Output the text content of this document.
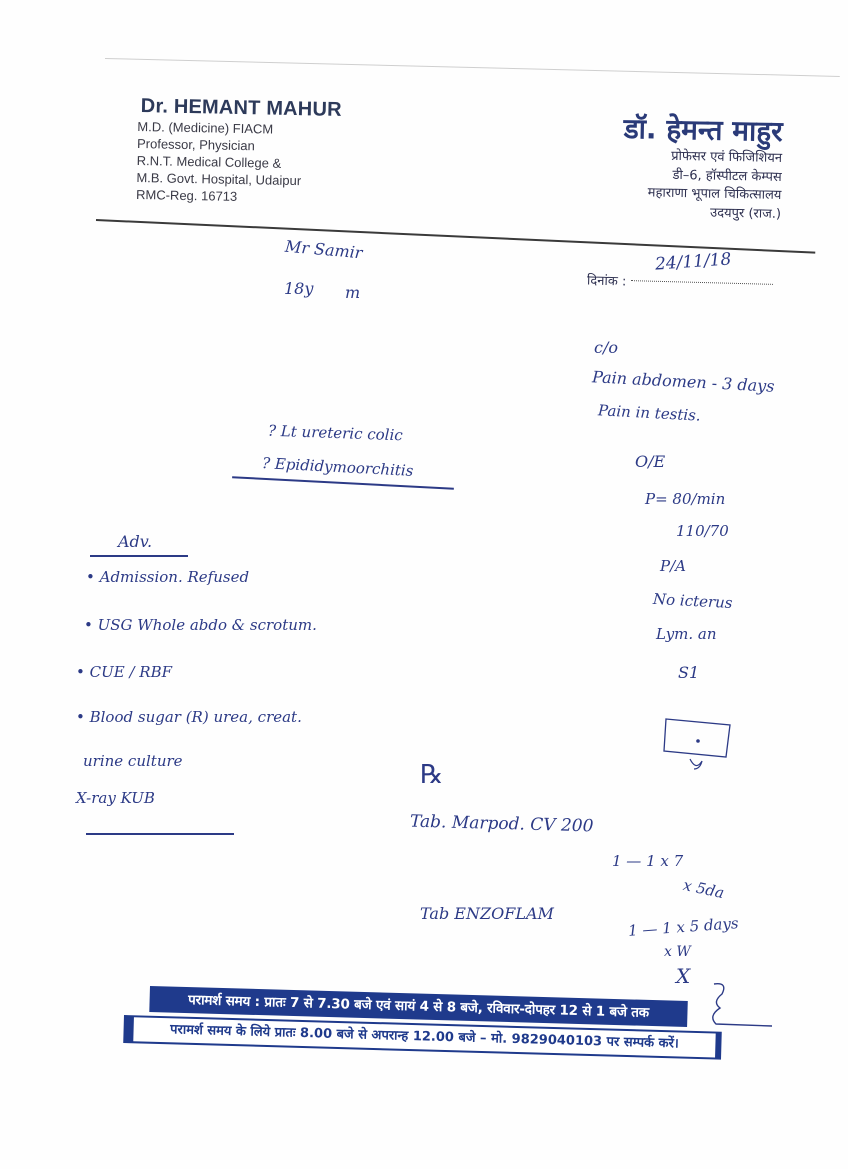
Dr. HEMANT MAHUR
M.D. (Medicine) FIACM
Professor, Physician
R.N.T. Medical College &
M.B. Govt. Hospital, Udaipur
RMC-Reg. 16713
डॉ. हेमन्त माहुर
प्रोफेसर एवं फिजिशियन
डी–6, हॉस्पीटल केम्पस
महाराणा भूपाल चिकित्सालय
उदयपुर (राज.)
दिनांक :
24/11/18
Mr Samir
18y m
c/o
Pain abdomen - 3 days
Pain in testis.
O/E
P= 80/min
110/70
P/A
No icterus
Lym. an
S1
? Lt ureteric colic
? Epididymoorchitis
Adv.
• Admission. Refused
• USG Whole abdo & scrotum.
• CUE / RBF
• Blood sugar (R) urea, creat.
urine culture
X-ray KUB
℞
Tab. Marpod. CV 200
1 — 1 x 7
Tab ENZOFLAM
1 — 1 x 5 days
x 5da
x W
X
परामर्श समय : प्रातः 7 से 7.30 बजे एवं सायं 4 से 8 बजे, रविवार-दोपहर 12 से 1 बजे तक
परामर्श समय के लिये प्रातः 8.00 बजे से अपरान्ह 12.00 बजे – मो. 9829040103 पर सम्पर्क करें।
